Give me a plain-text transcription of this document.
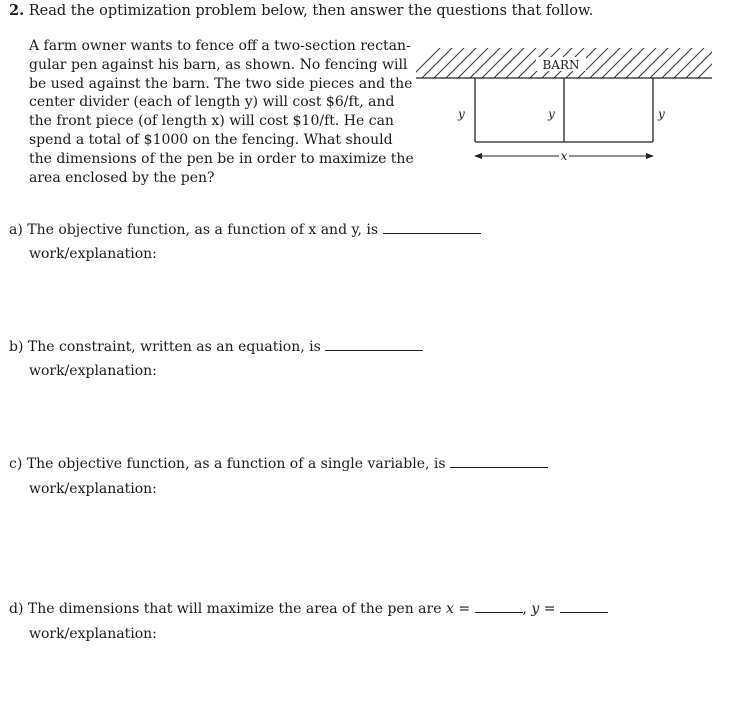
2. Read the optimization problem below, then answer the questions that follow.
A farm owner wants to fence off a two-section rectan-
gular pen against his barn, as shown. No fencing will
be used against the barn. The two side pieces and the
center divider (each of length y) will cost $6/ft, and
the front piece (of length x) will cost $10/ft. He can
spend a total of $1000 on the fencing. What should
the dimensions of the pen be in order to maximize the
area enclosed by the pen?
BARN
y	y	y
x
a) The objective function, as a function of x and y, is
work/explanation:
b) The constraint, written as an equation, is
work/explanation:
c) The objective function, as a function of a single variable, is
work/explanation:
d) The dimensions that will maximize the area of the pen are x =	, y =
work/explanation:
